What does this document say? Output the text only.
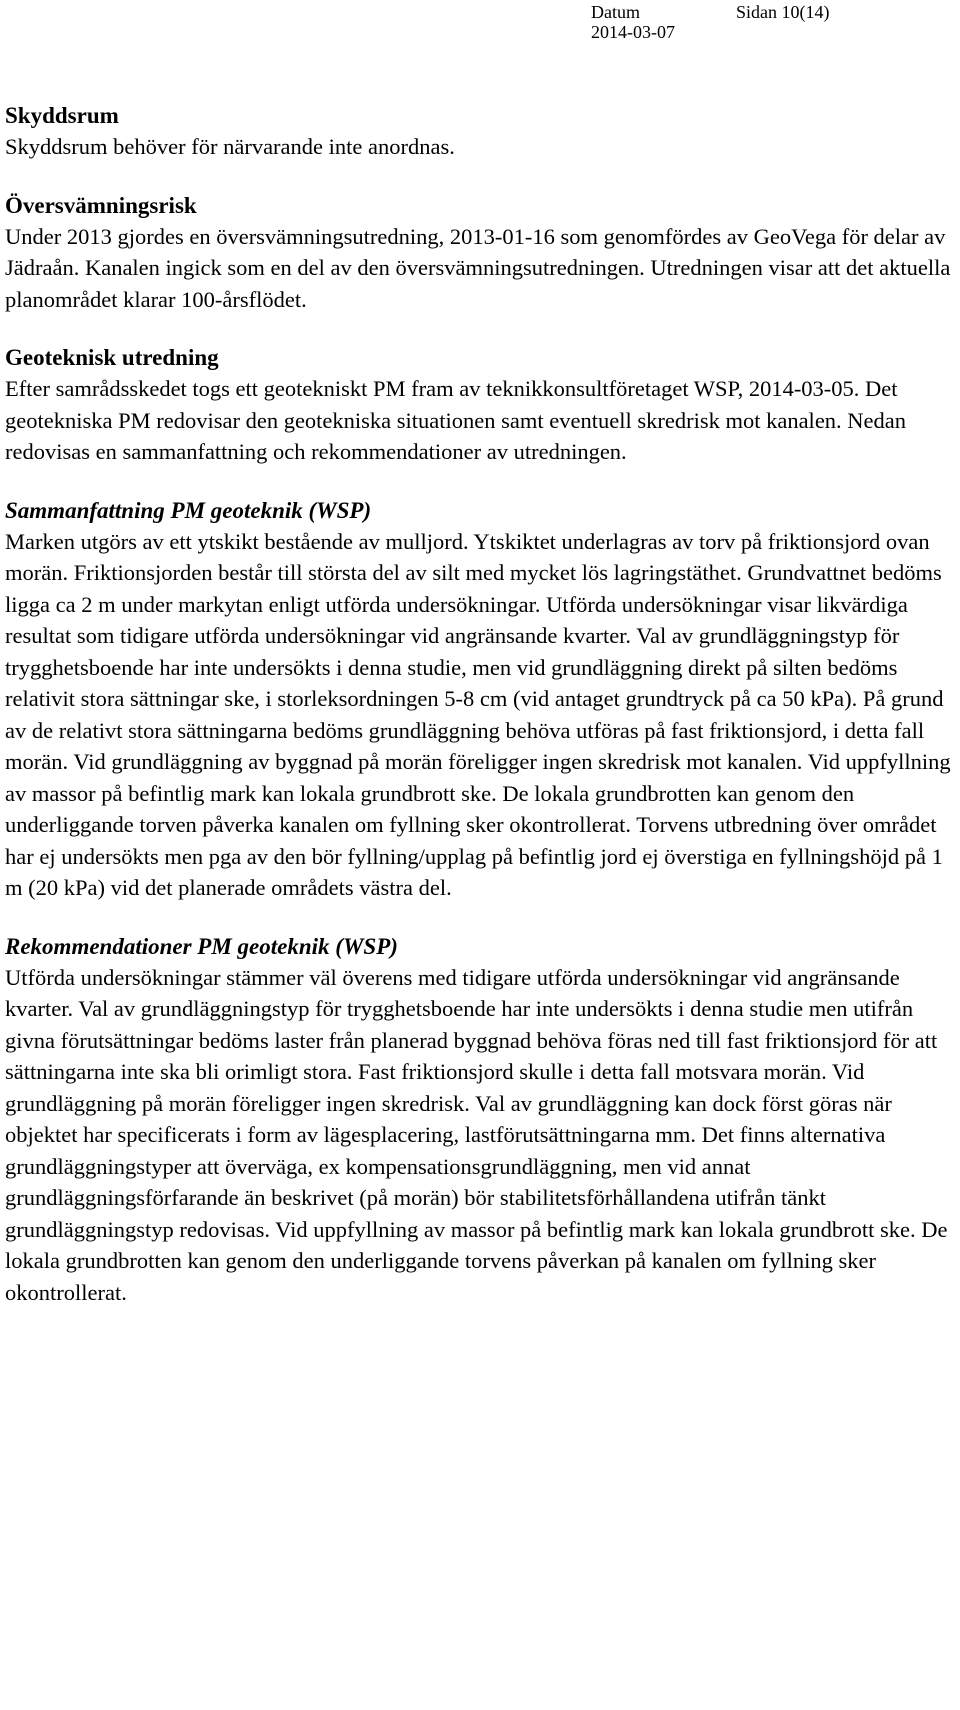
Datum	Sidan 10(14)
2014-03-07

Skyddsrum

Skyddsrum behöver för närvarande inte anordnas.

Översvämningsrisk

Under 2013 gjordes en översvämningsutredning, 2013-01-16 som genomfördes av GeoVega för delar av Jädraån. Kanalen ingick som en del av den översvämningsutredningen. Utredningen visar att det aktuella planområdet klarar 100-årsflödet.

Geoteknisk utredning

Efter samrådsskedet togs ett geotekniskt PM fram av teknikkonsultföretaget WSP, 2014-03-05. Det geotekniska PM redovisar den geotekniska situationen samt eventuell skredrisk mot kanalen. Nedan redovisas en sammanfattning och rekommendationer av utredningen.

Sammanfattning PM geoteknik (WSP)

Marken utgörs av ett ytskikt bestående av mulljord. Ytskiktet underlagras av torv på friktionsjord ovan morän. Friktionsjorden består till största del av silt med mycket lös lagringstäthet. Grundvattnet bedöms ligga ca 2 m under markytan enligt utförda undersökningar. Utförda undersökningar visar likvärdiga resultat som tidigare utförda undersökningar vid angränsande kvarter. Val av grundläggningstyp för trygghetsboende har inte undersökts i denna studie, men vid grundläggning direkt på silten bedöms relativit stora sättningar ske, i storleksordningen 5-8 cm (vid antaget grundtryck på ca 50 kPa). På grund av de relativt stora sättningarna bedöms grundläggning behöva utföras på fast friktionsjord, i detta fall morän. Vid grundläggning av byggnad på morän föreligger ingen skredrisk mot kanalen. Vid uppfyllning av massor på befintlig mark kan lokala grundbrott ske. De lokala grundbrotten kan genom den underliggande torven påverka kanalen om fyllning sker okontrollerat. Torvens utbredning över området har ej undersökts men pga av den bör fyllning/upplag på befintlig jord ej överstiga en fyllningshöjd på 1 m (20 kPa) vid det planerade områdets västra del.

Rekommendationer PM geoteknik (WSP)

Utförda undersökningar stämmer väl överens med tidigare utförda undersökningar vid angränsande kvarter. Val av grundläggningstyp för trygghetsboende har inte undersökts i denna studie men utifrån givna förutsättningar bedöms laster från planerad byggnad behöva föras ned till fast friktionsjord för att sättningarna inte ska bli orimligt stora. Fast friktionsjord skulle i detta fall motsvara morän. Vid grundläggning på morän föreligger ingen skredrisk. Val av grundläggning kan dock först göras när objektet har specificerats i form av lägesplacering, lastförutsättningarna mm. Det finns alternativa grundläggningstyper att överväga, ex kompensationsgrundläggning, men vid annat grundläggningsförfarande än beskrivet (på morän) bör stabilitetsförhållandena utifrån tänkt grundläggningstyp redovisas. Vid uppfyllning av massor på befintlig mark kan lokala grundbrott ske. De lokala grundbrotten kan genom den underliggande torvens påverkan på kanalen om fyllning sker okontrollerat.
